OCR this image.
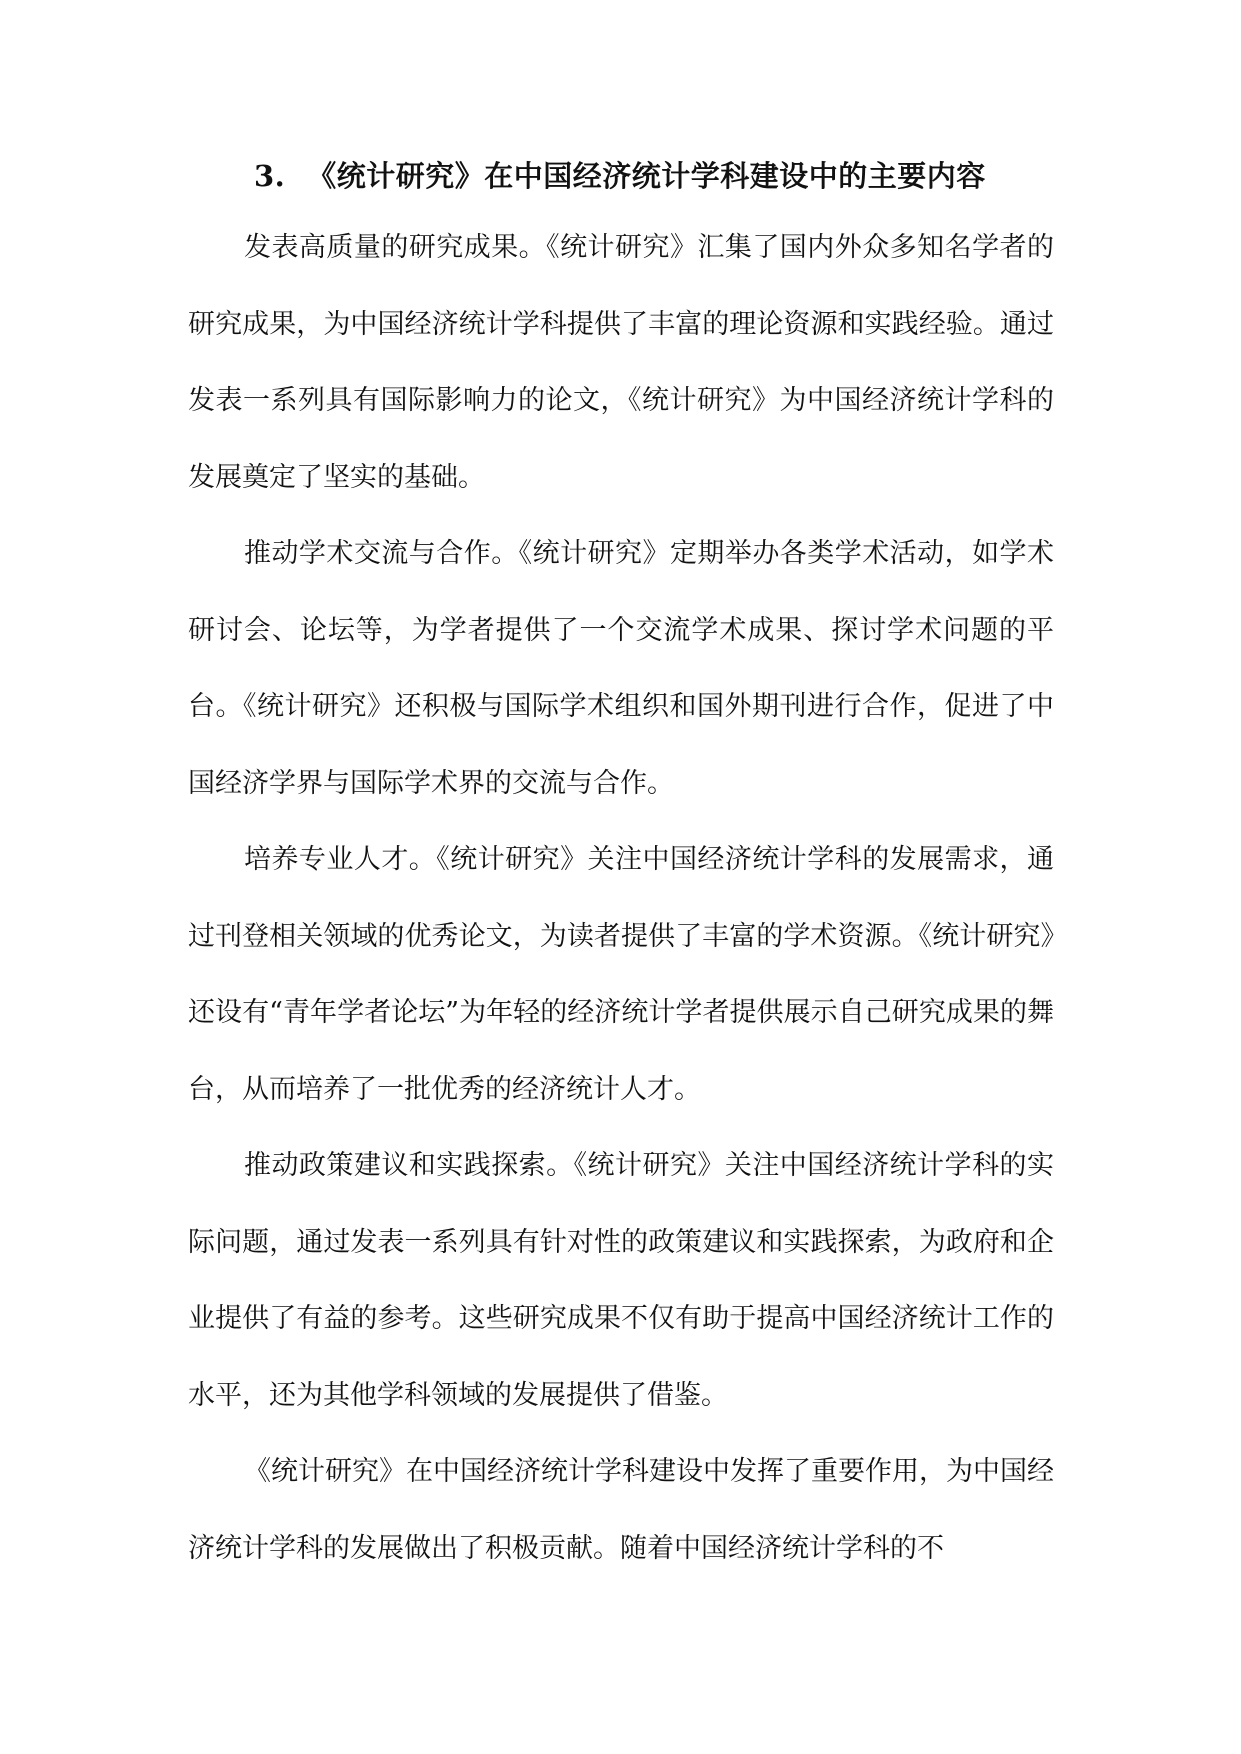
3. 《统计研究》在中国经济统计学科建设中的主要内容

发表高质量的研究成果。《统计研究》汇集了国内外众多知名学者的研究成果，为中国经济统计学科提供了丰富的理论资源和实践经验。通过发表一系列具有国际影响力的论文，《统计研究》为中国经济统计学科的发展奠定了坚实的基础。

推动学术交流与合作。《统计研究》定期举办各类学术活动，如学术研讨会、论坛等，为学者提供了一个交流学术成果、探讨学术问题的平台。《统计研究》还积极与国际学术组织和国外期刊进行合作，促进了中国经济学界与国际学术界的交流与合作。

培养专业人才。《统计研究》关注中国经济统计学科的发展需求，通过刊登相关领域的优秀论文，为读者提供了丰富的学术资源。《统计研究》还设有“青年学者论坛”为年轻的经济统计学者提供展示自己研究成果的舞台，从而培养了一批优秀的经济统计人才。

推动政策建议和实践探索。《统计研究》关注中国经济统计学科的实际问题，通过发表一系列具有针对性的政策建议和实践探索，为政府和企业提供了有益的参考。这些研究成果不仅有助于提高中国经济统计工作的水平，还为其他学科领域的发展提供了借鉴。

《统计研究》在中国经济统计学科建设中发挥了重要作用，为中国经济统计学科的发展做出了积极贡献。随着中国经济统计学科的不
